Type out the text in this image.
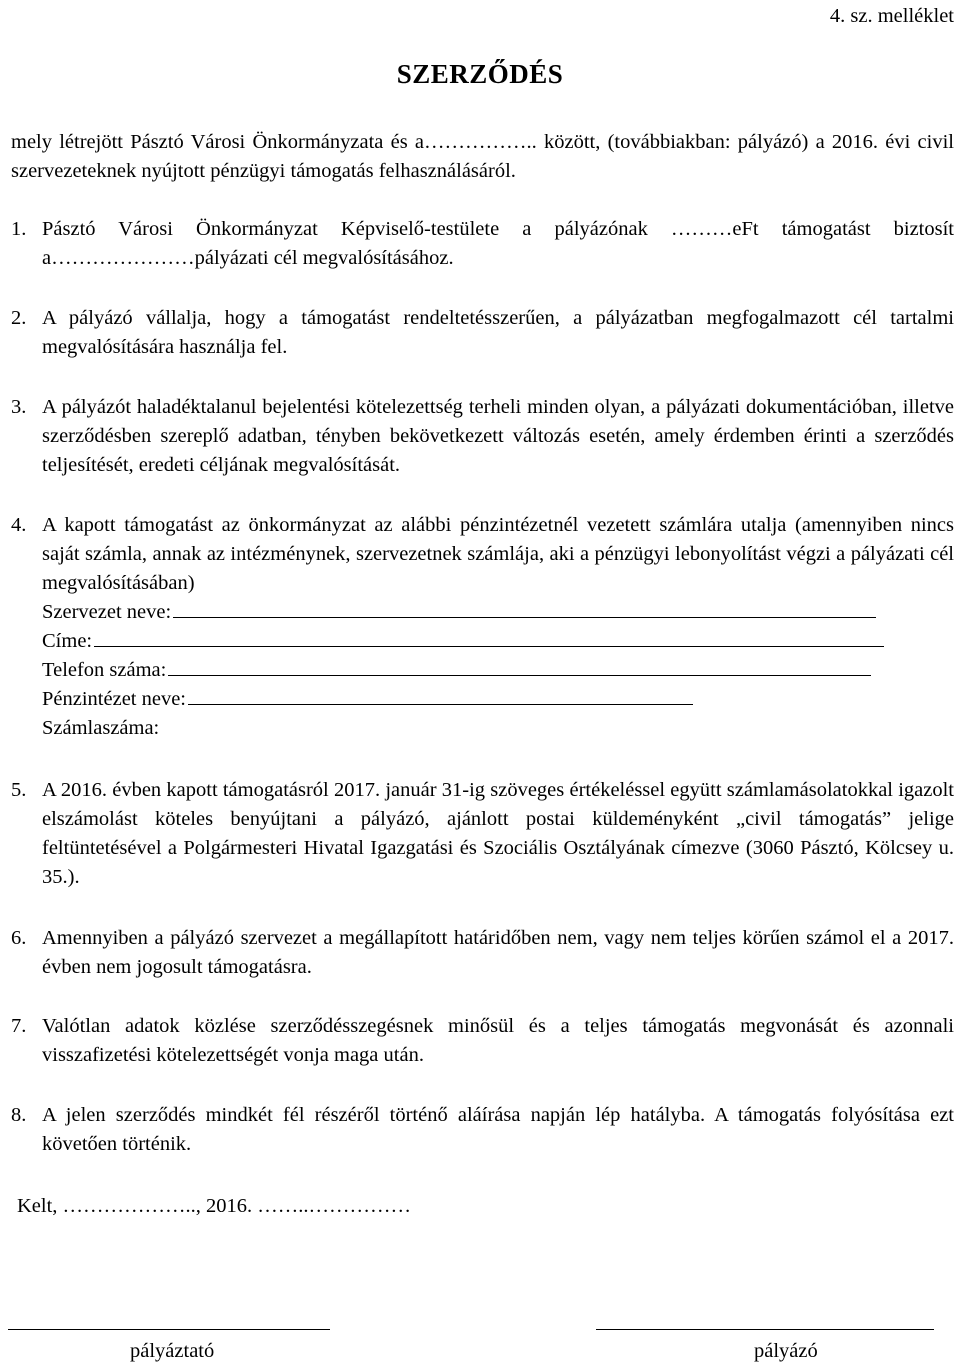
4. sz. melléklet
SZERZŐDÉS
mely létrejött Pásztó Városi Önkormányzata és a…………….. között, (továbbiakban: pályázó) a 2016. évi civil szervezeteknek nyújtott pénzügyi támogatás felhasználásáról.
1. Pásztó Városi Önkormányzat Képviselő-testülete a pályázónak ………eFt támogatást biztosít a…………………pályázati cél megvalósításához.
2. A pályázó vállalja, hogy a támogatást rendeltetésszerűen, a pályázatban megfogalmazott cél tartalmi megvalósítására használja fel.
3. A pályázót haladéktalanul bejelentési kötelezettség terheli minden olyan, a pályázati dokumentációban, illetve szerződésben szereplő adatban, tényben bekövetkezett változás esetén, amely érdemben érinti a szerződés teljesítését, eredeti céljának megvalósítását.
4. A kapott támogatást az önkormányzat az alábbi pénzintézetnél vezetett számlára utalja (amennyiben nincs saját számla, annak az intézménynek, szervezetnek számlája, aki a pénzügyi lebonyolítást végzi a pályázati cél megvalósításában)
Szervezet neve:
Címe:
Telefon száma:
Pénzintézet neve:
Számlaszáma:
5. A 2016. évben kapott támogatásról 2017. január 31-ig szöveges értékeléssel együtt számlamásolatokkal igazolt elszámolást köteles benyújtani a pályázó, ajánlott postai küldeményként „civil támogatás” jelige feltüntetésével a Polgármesteri Hivatal Igazgatási és Szociális Osztályának címezve (3060 Pásztó, Kölcsey u. 35.).
6. Amennyiben a pályázó szervezet a megállapított határidőben nem, vagy nem teljes körűen számol el a 2017. évben nem jogosult támogatásra.
7. Valótlan adatok közlése szerződésszegésnek minősül és a teljes támogatás megvonását és azonnali visszafizetési kötelezettségét vonja maga után.
8. A jelen szerződés mindkét fél részéről történő aláírása napján lép hatályba. A támogatás folyósítása ezt követően történik.
Kelt, ……………….., 2016. ……..……………
pályáztató	pályázó
